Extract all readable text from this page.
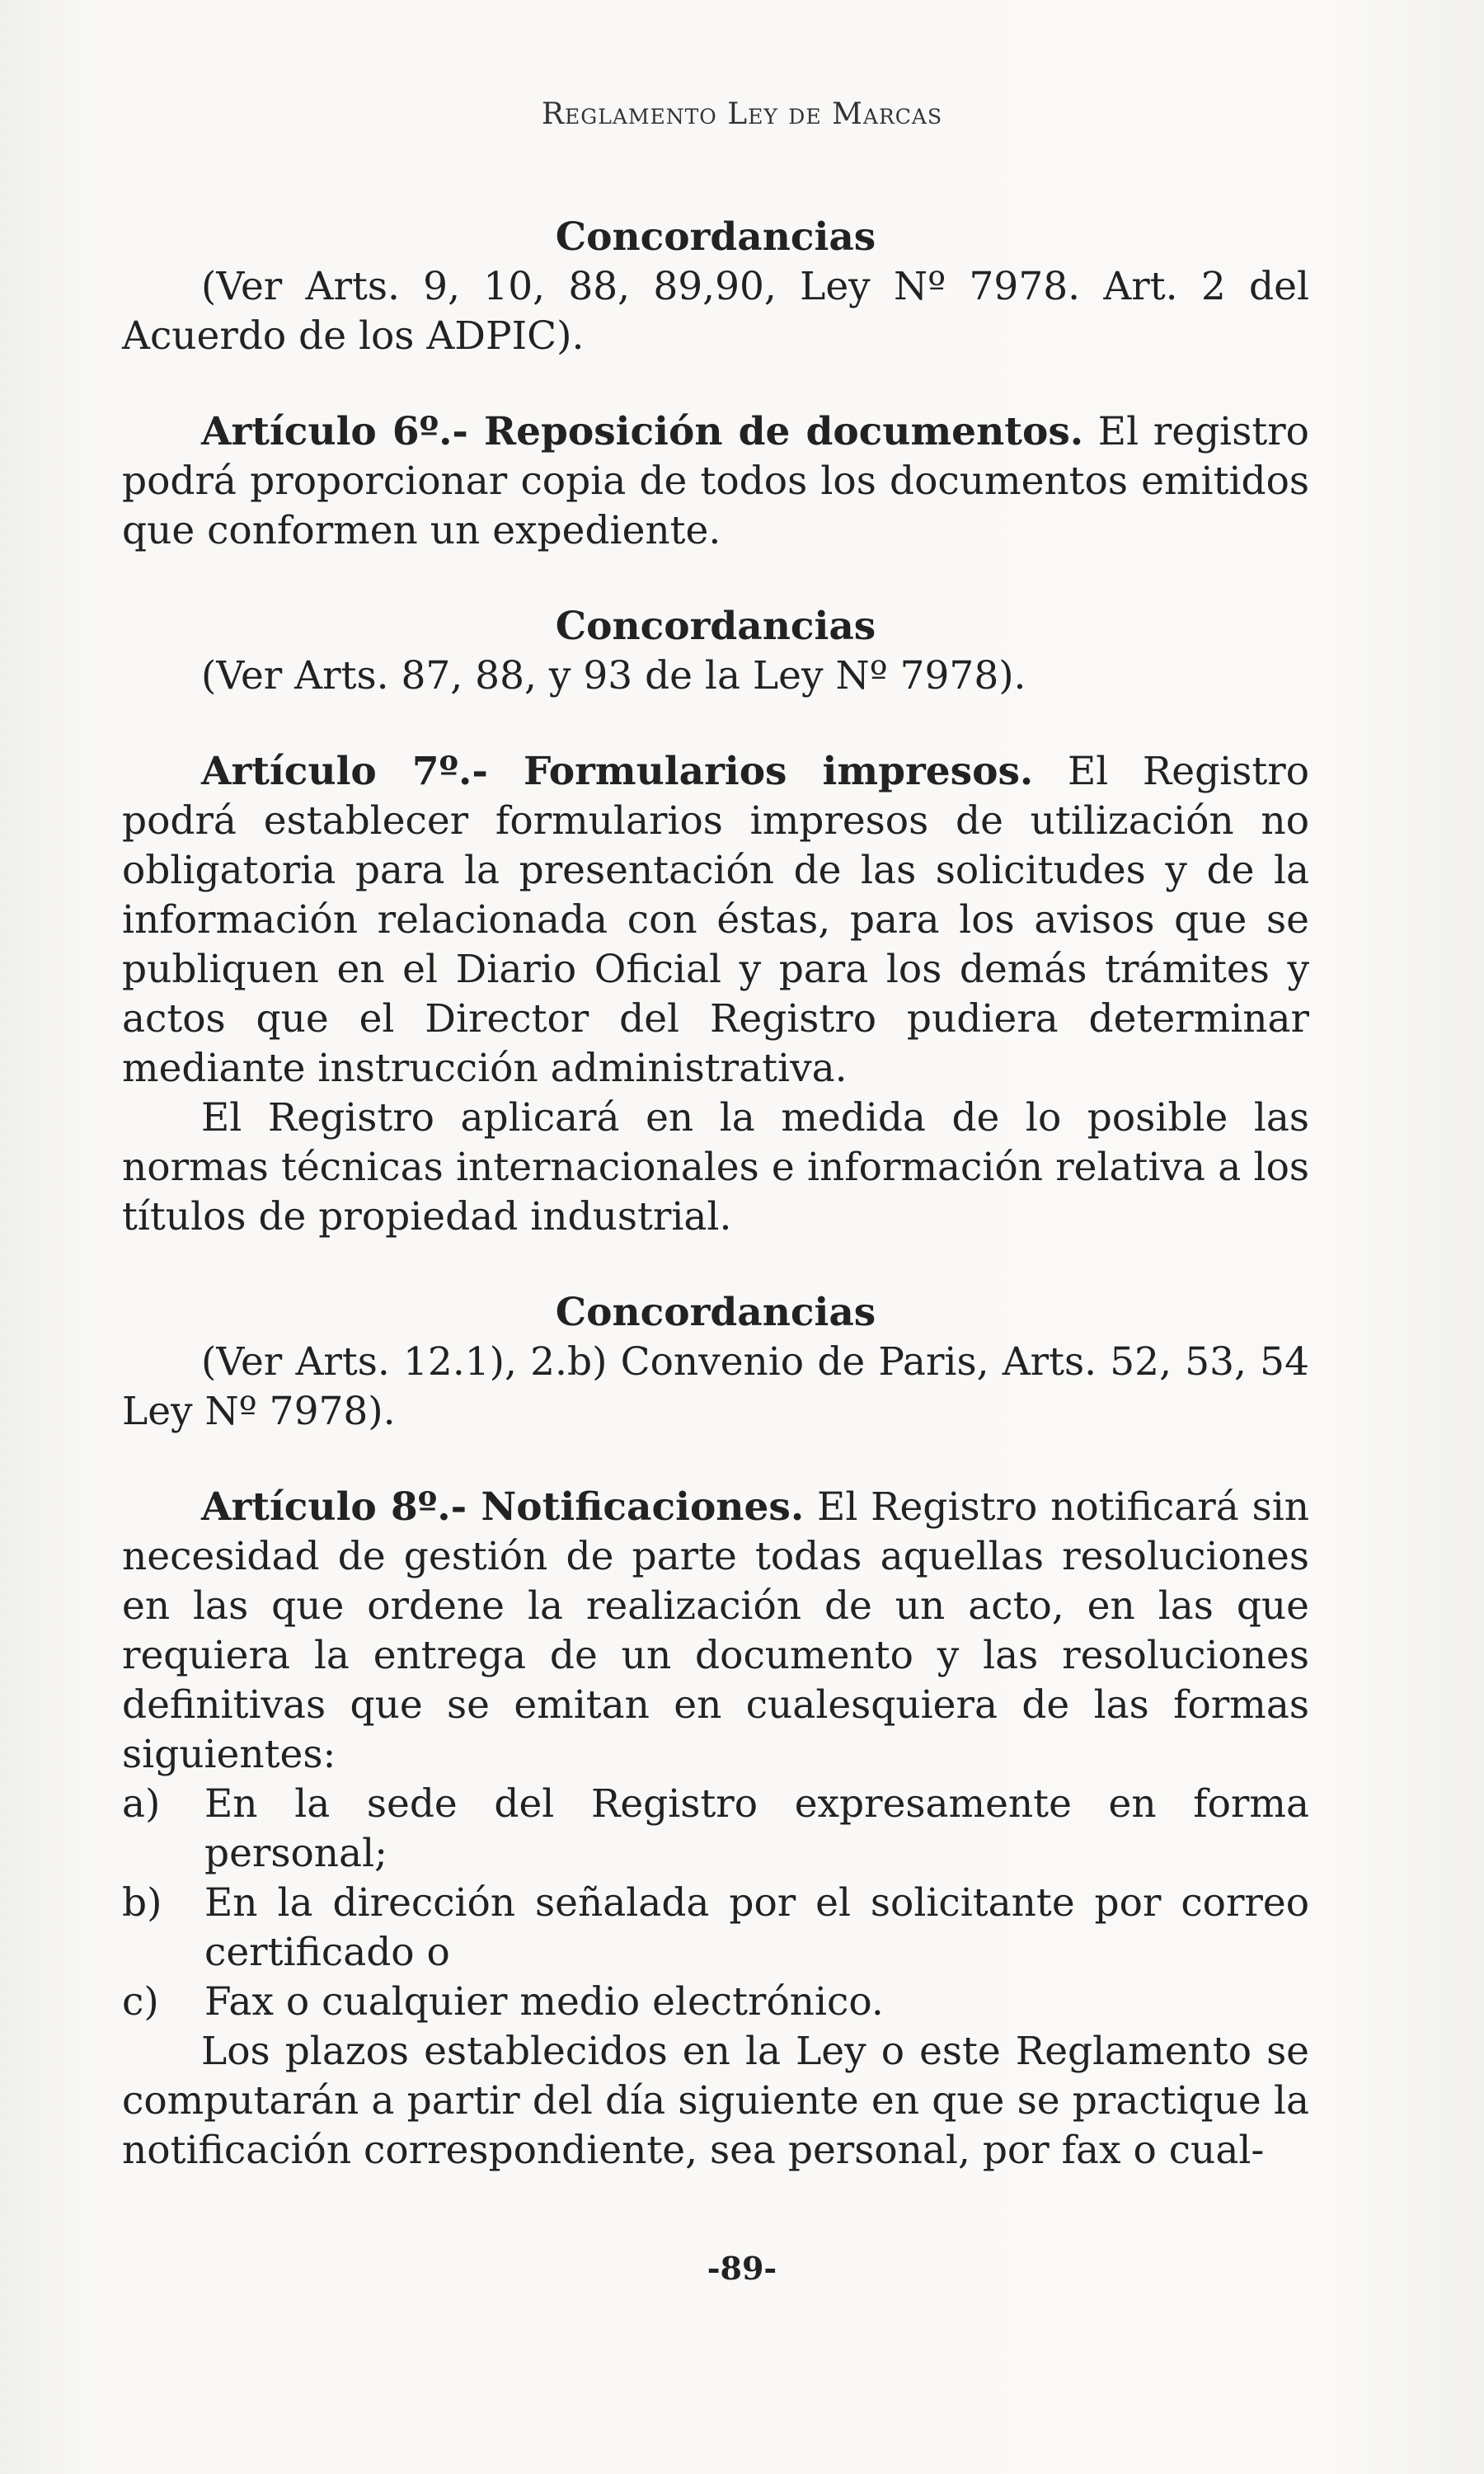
Reglamento Ley de Marcas

Concordancias

(Ver Arts. 9, 10, 88, 89,90, Ley Nº 7978. Art. 2 del Acuerdo de los ADPIC).

Artículo 6º.- Reposición de documentos. El registro podrá proporcionar copia de todos los documentos emitidos que conformen un expediente.

Concordancias

(Ver Arts. 87, 88, y 93 de la Ley Nº 7978).

Artículo 7º.- Formularios impresos. El Registro podrá establecer formularios impresos de utilización no obligatoria para la presentación de las solicitudes y de la información relacionada con éstas, para los avisos que se publiquen en el Diario Oficial y para los demás trámites y actos que el Director del Registro pudiera determinar mediante instrucción administrativa.

El Registro aplicará en la medida de lo posible las normas técnicas internacionales e información relativa a los títulos de propiedad industrial.

Concordancias

(Ver Arts. 12.1), 2.b) Convenio de Paris, Arts. 52, 53, 54 Ley Nº 7978).

Artículo 8º.- Notificaciones. El Registro notificará sin necesidad de gestión de parte todas aquellas resoluciones en las que ordene la realización de un acto, en las que requiera la entrega de un documento y las resoluciones definitivas que se emitan en cualesquiera de las formas siguientes:

a)	En la sede del Registro expresamente en forma personal;
b)	En la dirección señalada por el solicitante por correo certificado o
c)	Fax o cualquier medio electrónico.

Los plazos establecidos en la Ley o este Reglamento se computarán a partir del día siguiente en que se practique la notificación correspondiente, sea personal, por fax o cual-

-89-
